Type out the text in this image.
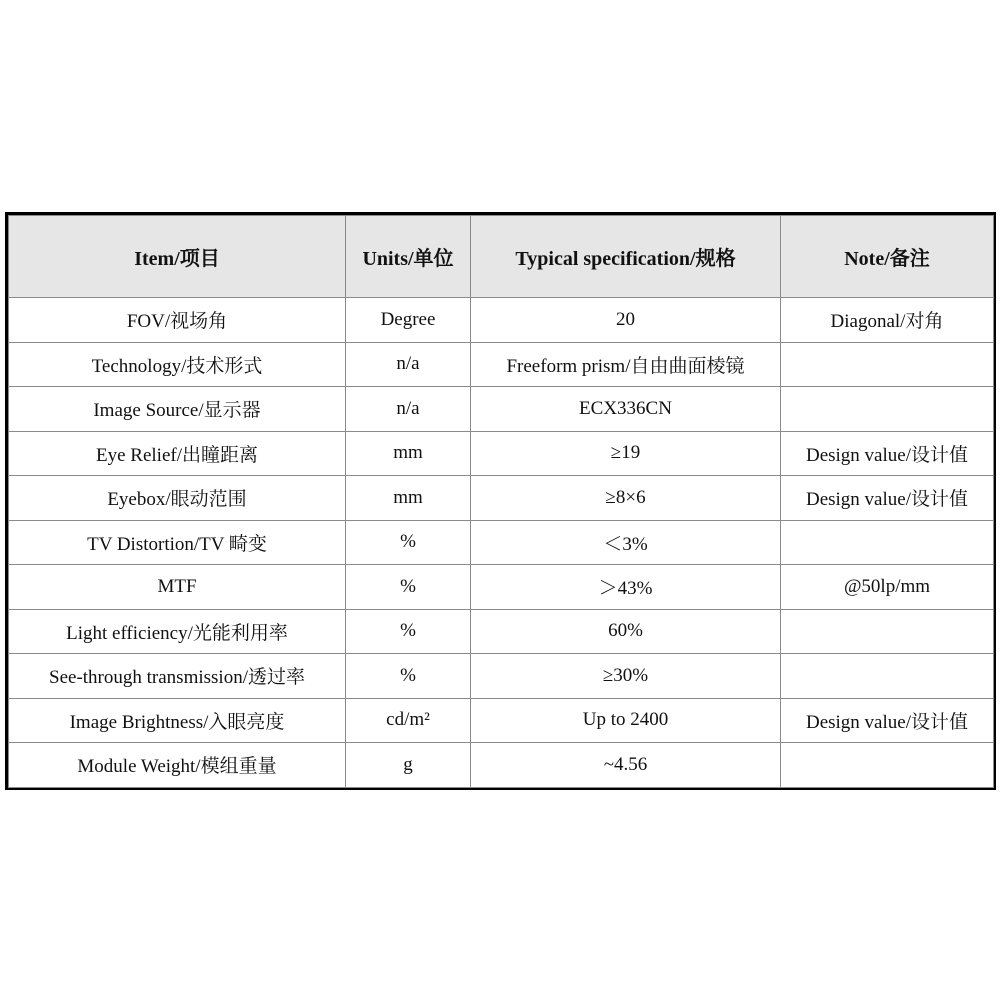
Item/项目	Units/单位	Typical specification/规格	Note/备注
FOV/视场角	Degree	20	Diagonal/对角
Technology/技术形式	n/a	Freeform prism/自由曲面棱镜	
Image Source/显示器	n/a	ECX336CN	
Eye Relief/出瞳距离	mm	≥19	Design value/设计值
Eyebox/眼动范围	mm	≥8×6	Design value/设计值
TV Distortion/TV 畸变	%	＜3%	
MTF	%	＞43%	@50lp/mm
Light efficiency/光能利用率	%	60%	
See-through transmission/透过率	%	≥30%	
Image Brightness/入眼亮度	cd/m²	Up to 2400	Design value/设计值
Module Weight/模组重量	g	~4.56	
